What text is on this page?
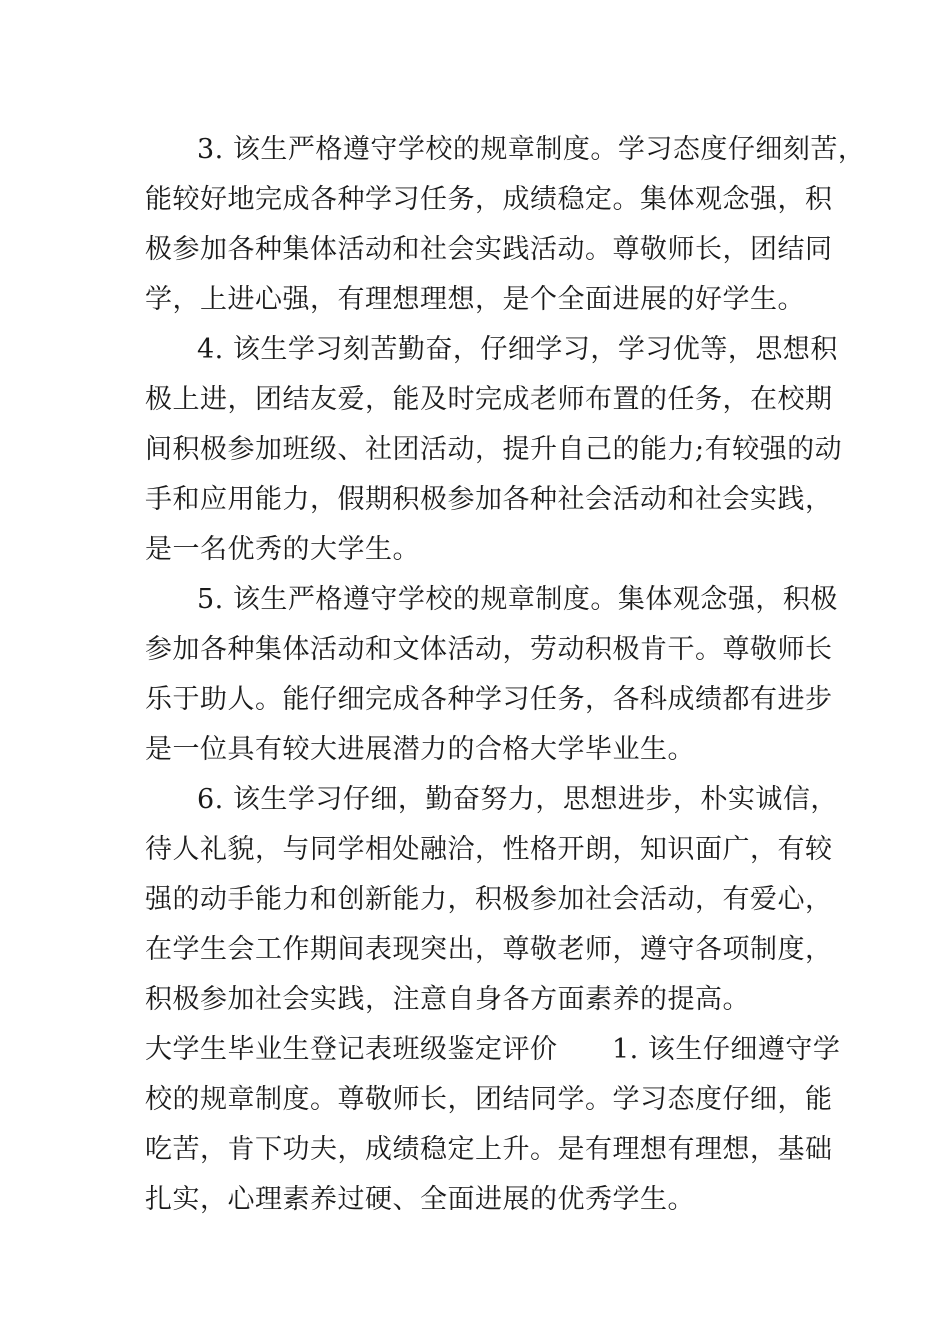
3. 该生严格遵守学校的规章制度。学习态度仔细刻苦，
能较好地完成各种学习任务，成绩稳定。集体观念强，积
极参加各种集体活动和社会实践活动。尊敬师长，团结同
学，上进心强，有理想理想，是个全面进展的好学生。
4. 该生学习刻苦勤奋，仔细学习，学习优等，思想积
极上进，团结友爱，能及时完成老师布置的任务，在校期
间积极参加班级、社团活动，提升自己的能力;有较强的动
手和应用能力，假期积极参加各种社会活动和社会实践，
是一名优秀的大学生。
5. 该生严格遵守学校的规章制度。集体观念强，积极
参加各种集体活动和文体活动，劳动积极肯干。尊敬师长
乐于助人。能仔细完成各种学习任务，各科成绩都有进步
是一位具有较大进展潜力的合格大学毕业生。
6. 该生学习仔细，勤奋努力，思想进步，朴实诚信，
待人礼貌，与同学相处融洽，性格开朗，知识面广，有较
强的动手能力和创新能力，积极参加社会活动，有爱心，
在学生会工作期间表现突出，尊敬老师，遵守各项制度，
积极参加社会实践，注意自身各方面素养的提高。
大学生毕业生登记表班级鉴定评价      1. 该生仔细遵守学
校的规章制度。尊敬师长，团结同学。学习态度仔细，能
吃苦，肯下功夫，成绩稳定上升。是有理想有理想，基础
扎实，心理素养过硬、全面进展的优秀学生。
